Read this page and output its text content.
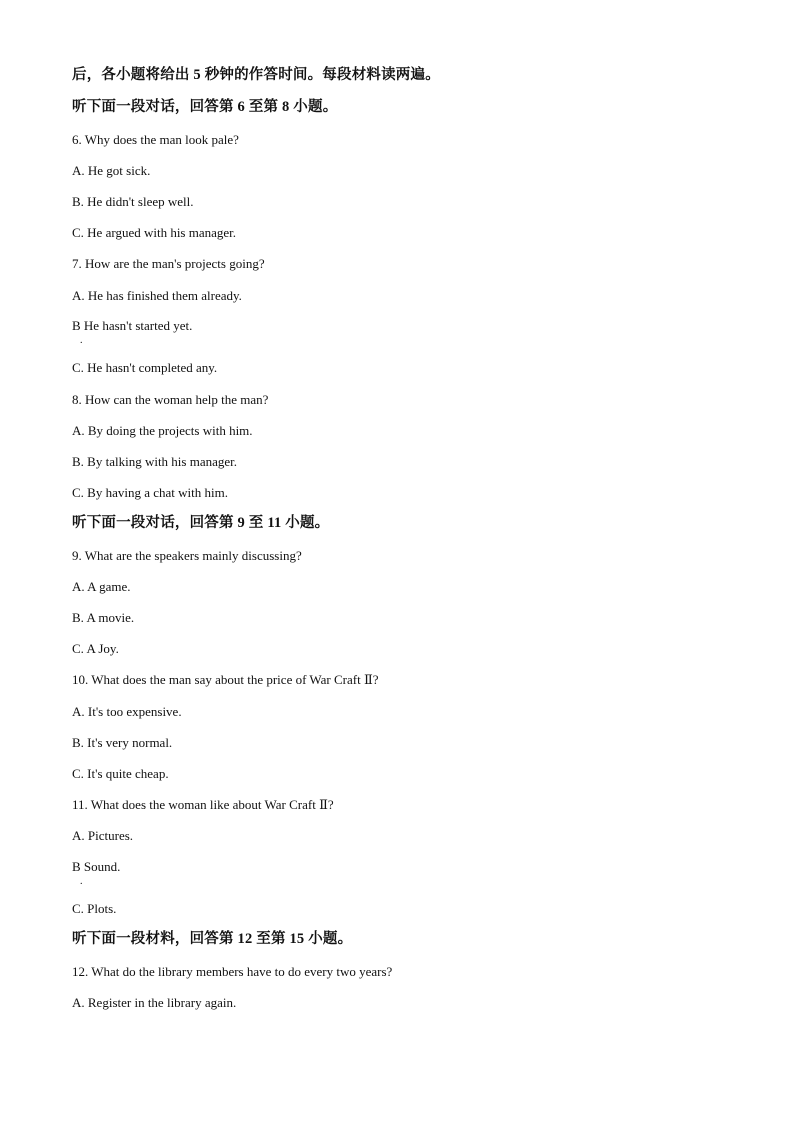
后，各小题将给出 5 秒钟的作答时间。每段材料读两遍。
听下面一段对话，回答第 6 至第 8 小题。
6. Why does the man look pale?
A. He got sick.
B. He didn't sleep well.
C. He argued with his manager.
7. How are the man's projects going?
A. He has finished them already.
B He hasn't started yet.
.
C. He hasn't completed any.
8. How can the woman help the man?
A. By doing the projects with him.
B. By talking with his manager.
C. By having a chat with him.
听下面一段对话，回答第 9 至 11 小题。
9. What are the speakers mainly discussing?
A. A game.
B. A movie.
C. A Joy.
10. What does the man say about the price of War Craft Ⅱ?
A. It's too expensive.
B. It's very normal.
C. It's quite cheap.
11. What does the woman like about War Craft Ⅱ?
A. Pictures.
B Sound.
.
C. Plots.
听下面一段材料，回答第 12 至第 15 小题。
12. What do the library members have to do every two years?
A. Register in the library again.
